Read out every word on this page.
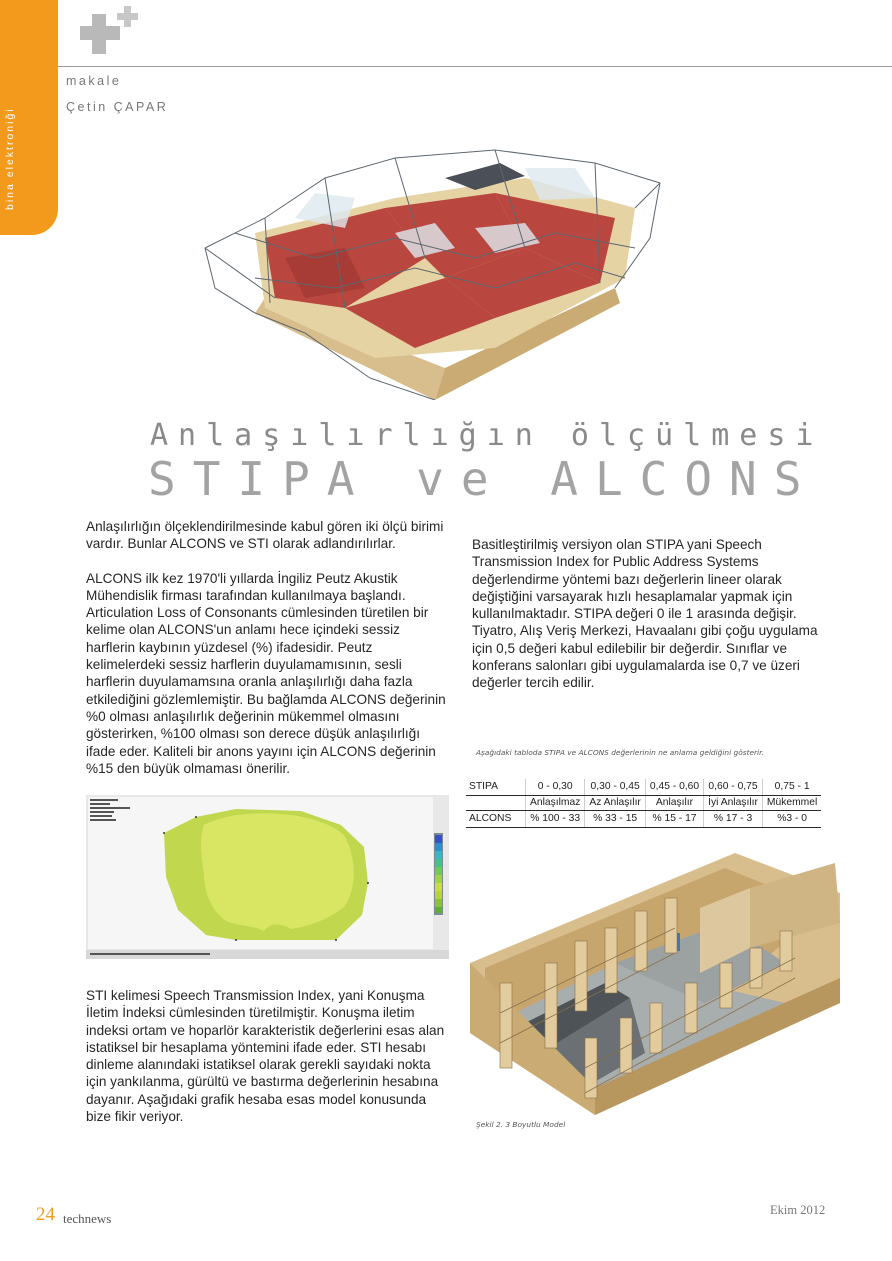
bina elektroniği
makale
Çetin ÇAPAR
Anlaşılırlığın ölçülmesi
STIPA ve ALCONS

Anlaşılırlığın ölçeklendirilmesinde kabul gören iki ölçü birimi vardır. Bunlar ALCONS ve STI olarak adlandırılırlar.

ALCONS ilk kez 1970'li yıllarda İngiliz Peutz Akustik Mühendislik firması tarafından kullanılmaya başlandı. Articulation Loss of Consonants cümlesinden türetilen bir kelime olan ALCONS'un anlamı hece içindeki sessiz harflerin kaybının yüzdesel (%) ifadesidir. Peutz kelimelerdeki sessiz harflerin duyulamamısının, sesli harflerin duyulamamsına oranla anlaşılırlığı daha fazla etkilediğini gözlemlemiştir. Bu bağlamda ALCONS değerinin %0 olması anlaşılırlık değerinin mükemmel olmasını gösterirken, %100 olması son derece düşük anlaşılırlığı ifade eder. Kaliteli bir anons yayını için ALCONS değerinin %15 den büyük olmaması önerilir.

STI kelimesi Speech Transmission Index, yani Konuşma İletim İndeksi cümlesinden türetilmiştir. Konuşma iletim indeksi ortam ve hoparlör karakteristik değerlerini esas alan istatiksel bir hesaplama yöntemini ifade eder. STI hesabı dinleme alanındaki istatiksel olarak gerekli sayıdaki nokta için yankılanma, gürültü ve bastırma değerlerinin hesabına dayanır. Aşağıdaki grafik hesaba esas model konusunda bize fikir veriyor.

Basitleştirilmiş versiyon olan STIPA yani Speech Transmission Index for Public Address Systems değerlendirme yöntemi bazı değerlerin lineer olarak değiştiğini varsayarak hızlı hesaplamalar yapmak için kullanılmaktadır. STIPA değeri 0 ile 1 arasında değişir. Tiyatro, Alış Veriş Merkezi, Havaalanı gibi çoğu uygulama için 0,5 değeri kabul edilebilir bir değerdir. Sınıflar ve konferans salonları gibi uygulamalarda ise 0,7 ve üzeri değerler tercih edilir.

Aşağıdaki tabloda STIPA ve ALCONS değerlerinin ne anlama geldiğini gösterir.
STIPA	0 - 0,30	0,30 - 0,45	0,45 - 0,60	0,60 - 0,75	0,75 - 1
	Anlaşılmaz	Az Anlaşılır	Anlaşılır	İyi Anlaşılır	Mükemmel
ALCONS	% 100 - 33	% 33 - 15	% 15 - 17	% 17 - 3	%3 - 0
Şekil 2. 3 Boyutlu Model
24 technews
Ekim 2012
